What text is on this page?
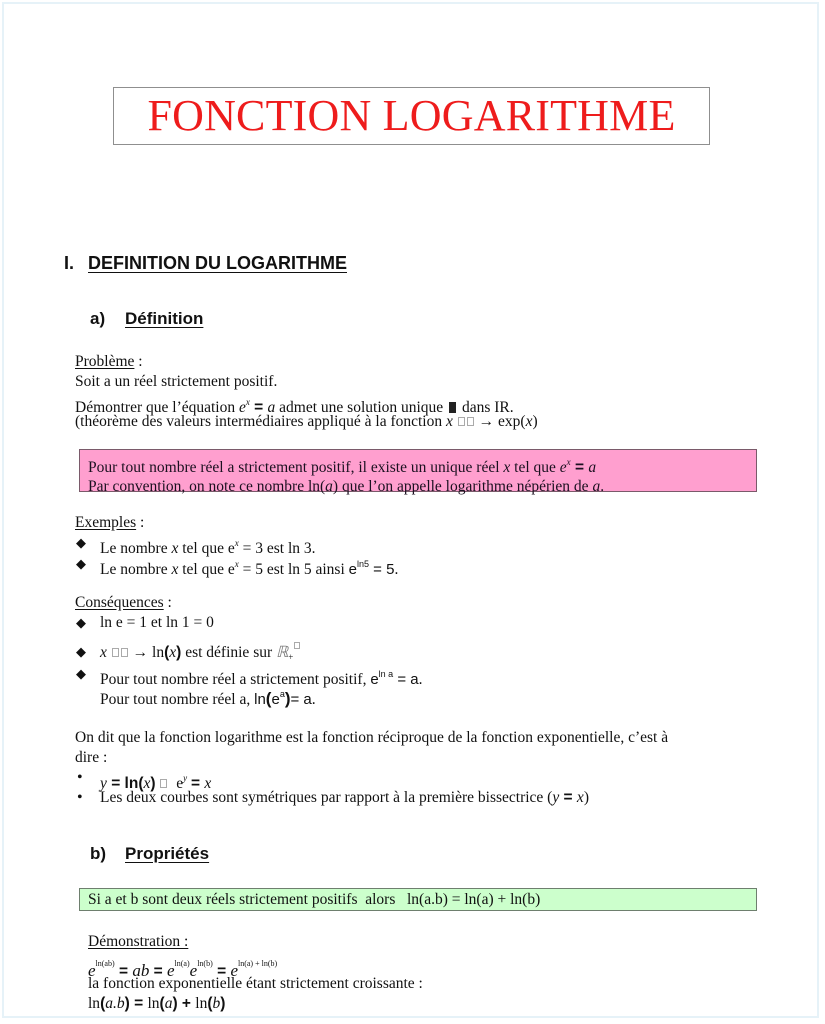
FONCTION LOGARITHME
I. DEFINITION DU LOGARITHME
a) Définition
Problème :
Soit a un réel strictement positif.
Démontrer que l’équation $e^x = a$ admet une solution unique  dans IR.
(théorème des valeurs intermédiaires appliqué à la fonction x  → exp(x)
Pour tout nombre réel a strictement positif, il existe un unique réel x tel que $e^x = a$
Par convention, on note ce nombre ln(a) que l’on appelle logarithme népérien de a.
Exemples :
◆ Le nombre x tel que $e^x = 3$ est ln 3.
◆ Le nombre x tel que $e^x = 5$ est ln 5 ainsi $e^{ln5} = 5$.
Conséquences :
◆ ln e = 1 et ln 1 = 0
◆ x  → ln(x) est définie sur ℝ$_+$
◆ Pour tout nombre réel a strictement positif, $e^{ln a} = a$.
Pour tout nombre réel a, $\ln(e^a)= a$.
On dit que la fonction logarithme est la fonction réciproque de la fonction exponentielle, c’est à
dire :
• y = ln(x) $e^y = x$
• Les deux courbes sont symétriques par rapport à la première bissectrice (y = x)
b) Propriétés
Si a et b sont deux réels strictement positifs  alors   ln(a.b) = ln(a) + ln(b)
Démonstration :
$e^{ln(ab)}$ = ab = $e^{ln(a)}e^{ln(b)} = e^{ln(a) + ln(b)}$
la fonction exponentielle étant strictement croissante :
ln(a.b) = ln(a) + ln(b)
